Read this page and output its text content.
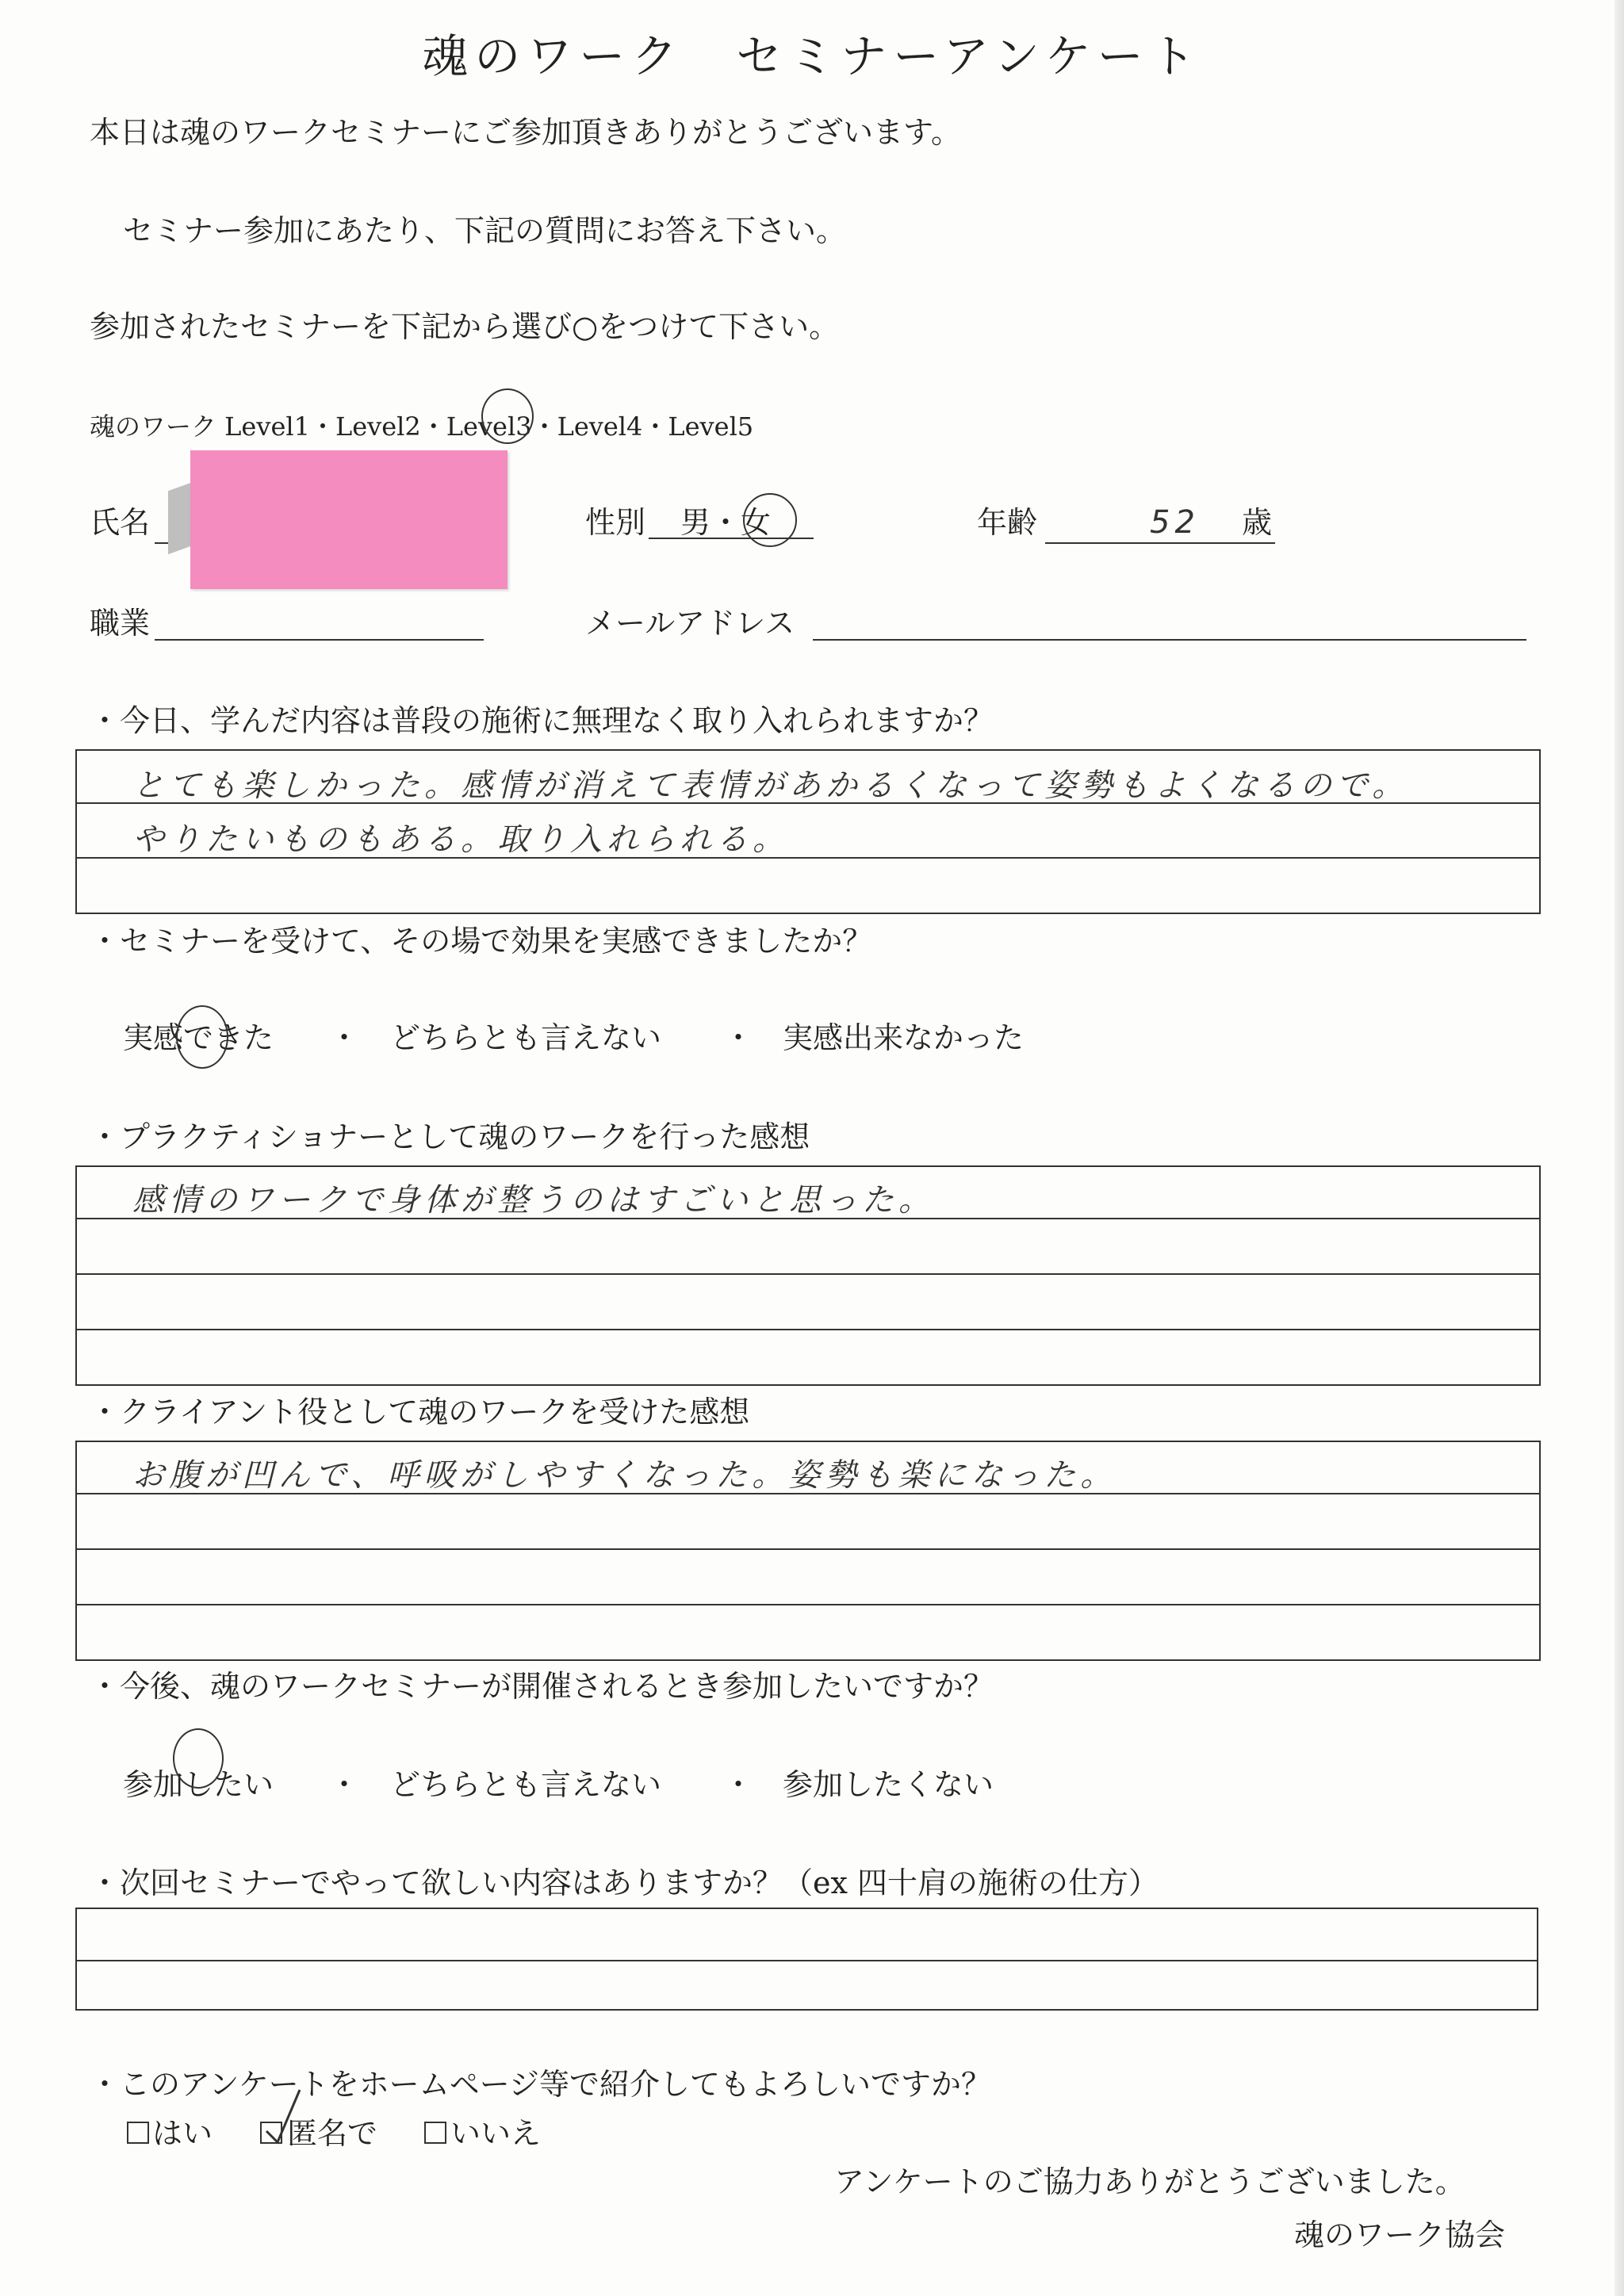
魂のワーク　セミナーアンケート
本日は魂のワークセミナーにご参加頂きありがとうございます。
セミナー参加にあたり、下記の質問にお答え下さい。
参加されたセミナーを下記から選び○をつけて下さい。
魂のワーク Level1・Level2・Level3・Level4・Level5
氏名	性別	男・女	年齢	52 歳
職業	メールアドレス
・今日、学んだ内容は普段の施術に無理なく取り入れられますか？
とても楽しかった。感情が消えて表情があかるくなって姿勢もよくなるので。
やりたいものもある。取り入れられる。
・セミナーを受けて、その場で効果を実感できましたか？
実感できた ・ どちらとも言えない ・ 実感出来なかった
・プラクティショナーとして魂のワークを行った感想
感情のワークで身体が整うのはすごいと思った。
・クライアント役として魂のワークを受けた感想
お腹が凹んで、呼吸がしやすくなった。姿勢も楽になった。
・今後、魂のワークセミナーが開催されるとき参加したいですか？
参加したい ・ どちらとも言えない ・ 参加したくない
・次回セミナーでやって欲しい内容はありますか？（ex 四十肩の施術の仕方）
・このアンケートをホームページ等で紹介してもよろしいですか？
はい 匿名で いいえ
アンケートのご協力ありがとうございました。
魂のワーク協会
